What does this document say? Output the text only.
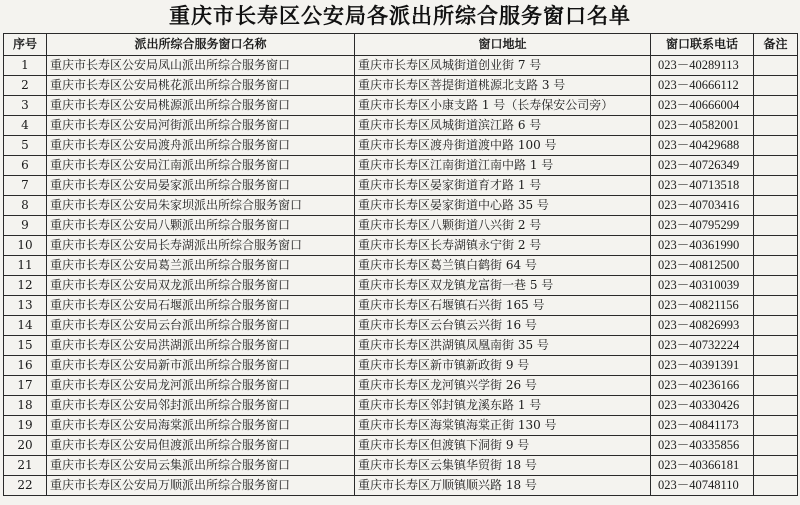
重庆市长寿区公安局各派出所综合服务窗口名单
序号	派出所综合服务窗口名称	窗口地址	窗口联系电话	备注
1	重庆市长寿区公安局凤山派出所综合服务窗口	重庆市长寿区凤城街道创业街 7 号	023－40289113	
2	重庆市长寿区公安局桃花派出所综合服务窗口	重庆市长寿区菩提街道桃源北支路 3 号	023－40666112	
3	重庆市长寿区公安局桃源派出所综合服务窗口	重庆市长寿区小康支路 1 号（长寿保安公司旁）	023－40666004	
4	重庆市长寿区公安局河街派出所综合服务窗口	重庆市长寿区凤城街道滨江路 6 号	023－40582001	
5	重庆市长寿区公安局渡舟派出所综合服务窗口	重庆市长寿区渡舟街道渡中路 100 号	023－40429688	
6	重庆市长寿区公安局江南派出所综合服务窗口	重庆市长寿区江南街道江南中路 1 号	023－40726349	
7	重庆市长寿区公安局晏家派出所综合服务窗口	重庆市长寿区晏家街道育才路 1 号	023－40713518	
8	重庆市长寿区公安局朱家坝派出所综合服务窗口	重庆市长寿区晏家街道中心路 35 号	023－40703416	
9	重庆市长寿区公安局八颗派出所综合服务窗口	重庆市长寿区八颗街道八兴街 2 号	023－40795299	
10	重庆市长寿区公安局长寿湖派出所综合服务窗口	重庆市长寿区长寿湖镇永宁街 2 号	023－40361990	
11	重庆市长寿区公安局葛兰派出所综合服务窗口	重庆市长寿区葛兰镇白鹤街 64 号	023－40812500	
12	重庆市长寿区公安局双龙派出所综合服务窗口	重庆市长寿区双龙镇龙富街一巷 5 号	023－40310039	
13	重庆市长寿区公安局石堰派出所综合服务窗口	重庆市长寿区石堰镇石兴街 165 号	023－40821156	
14	重庆市长寿区公安局云台派出所综合服务窗口	重庆市长寿区云台镇云兴街 16 号	023－40826993	
15	重庆市长寿区公安局洪湖派出所综合服务窗口	重庆市长寿区洪湖镇凤凰南街 35 号	023－40732224	
16	重庆市长寿区公安局新市派出所综合服务窗口	重庆市长寿区新市镇新政街 9 号	023－40391391	
17	重庆市长寿区公安局龙河派出所综合服务窗口	重庆市长寿区龙河镇兴学街 26 号	023－40236166	
18	重庆市长寿区公安局邻封派出所综合服务窗口	重庆市长寿区邻封镇龙溪东路 1 号	023－40330426	
19	重庆市长寿区公安局海棠派出所综合服务窗口	重庆市长寿区海棠镇海棠正街 130 号	023－40841173	
20	重庆市长寿区公安局但渡派出所综合服务窗口	重庆市长寿区但渡镇下洞街 9 号	023－40335856	
21	重庆市长寿区公安局云集派出所综合服务窗口	重庆市长寿区云集镇华贸街 18 号	023－40366181	
22	重庆市长寿区公安局万顺派出所综合服务窗口	重庆市长寿区万顺镇顺兴路 18 号	023－40748110	
